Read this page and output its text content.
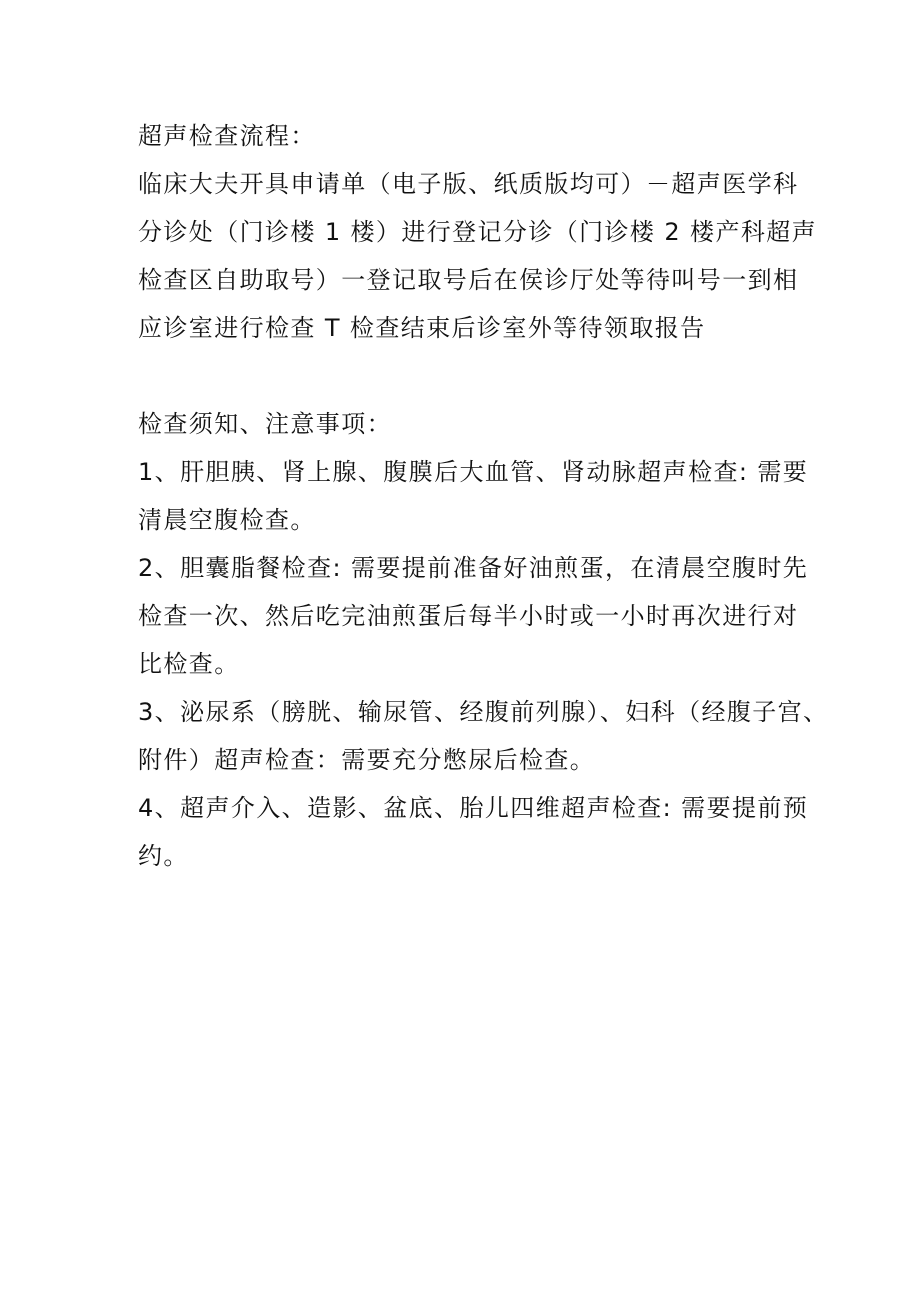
超声检查流程：
临床大夫开具申请单（电子版、纸质版均可）－超声医学科
分诊处（门诊楼 1 楼）进行登记分诊（门诊楼 2 楼产科超声
检查区自助取号）一登记取号后在侯诊厅处等待叫号一到相
应诊室进行检查 T 检查结束后诊室外等待领取报告
检查须知、注意事项：
1、肝胆胰、肾上腺、腹膜后大血管、肾动脉超声检查: 需要
清晨空腹检查。
2、胆囊脂餐检查: 需要提前准备好油煎蛋，在清晨空腹时先
检查一次、然后吃完油煎蛋后每半小时或一小时再次进行对
比检查。
3、泌尿系（膀胱、输尿管、经腹前列腺）、妇科（经腹子宫、
附件）超声检查：需要充分憋尿后检查。
4、超声介入、造影、盆底、胎儿四维超声检查: 需要提前预
约。
